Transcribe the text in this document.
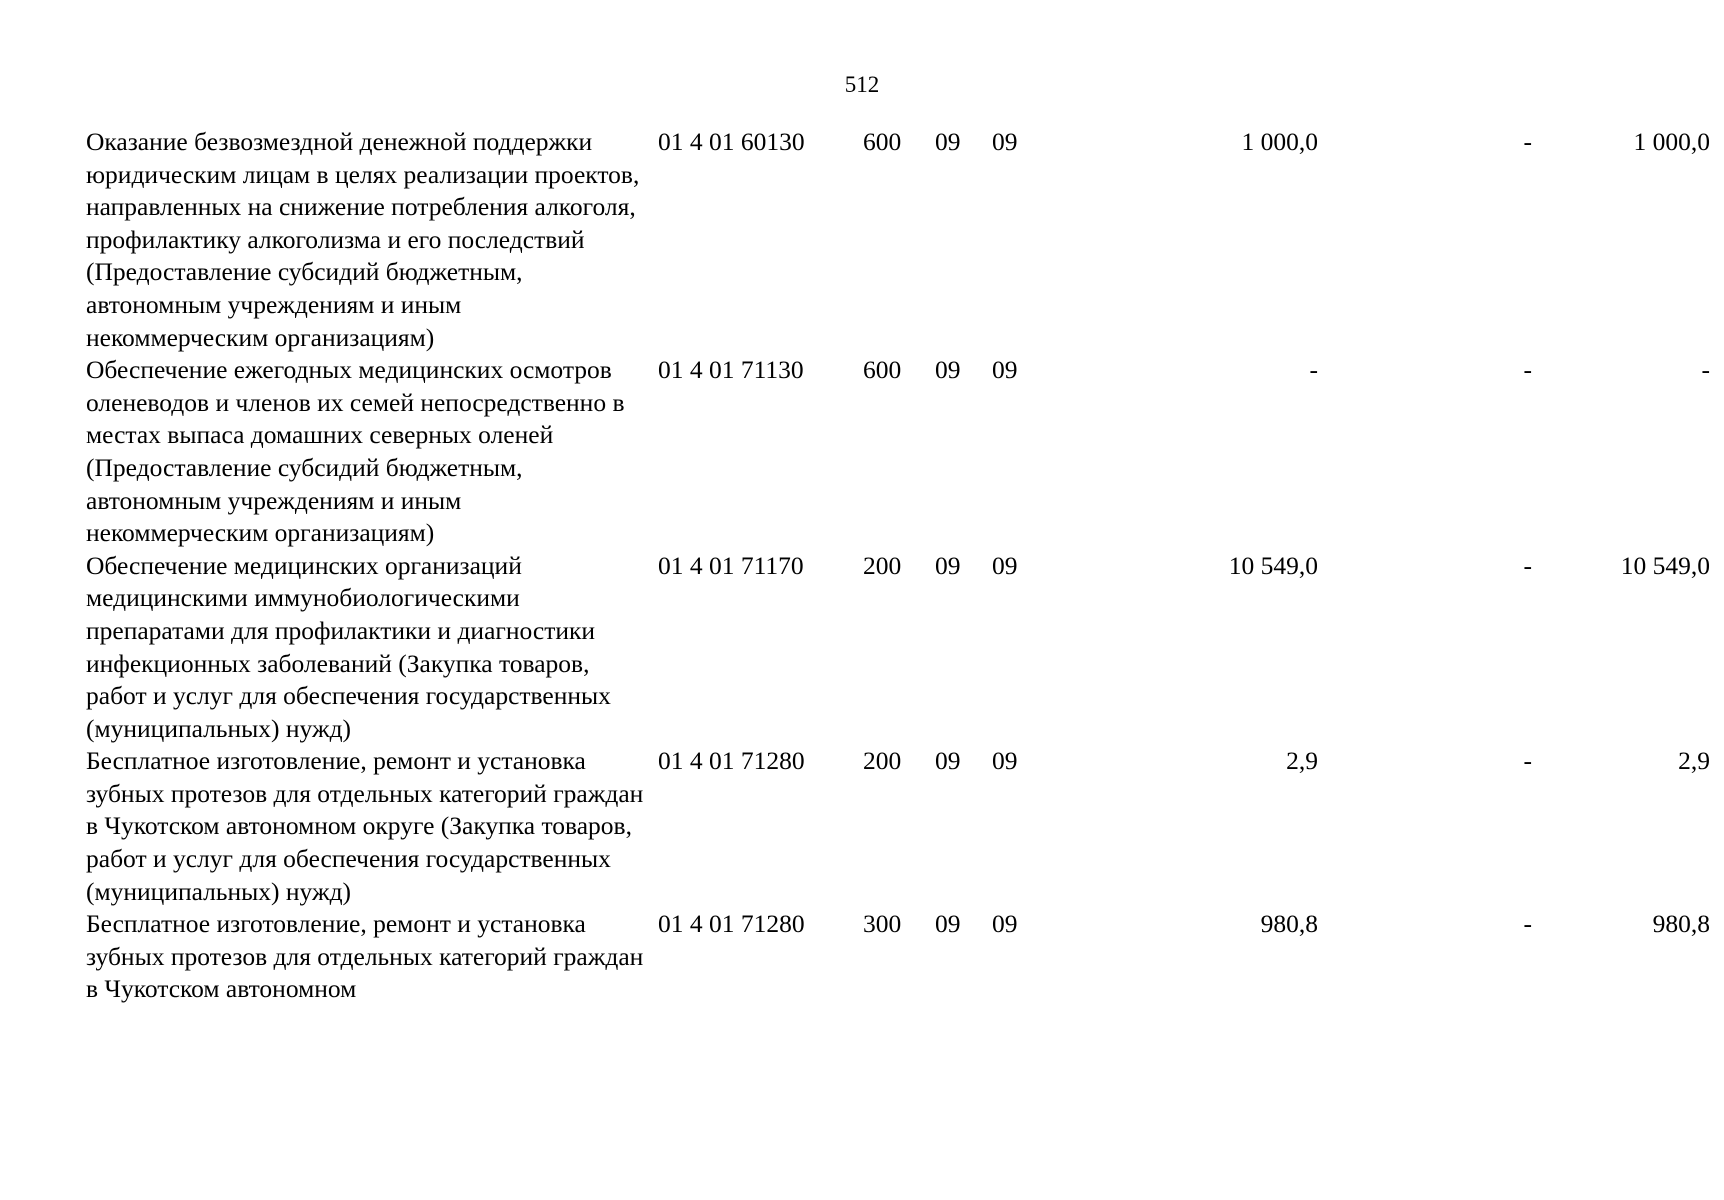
512
Оказание безвозмездной денежной поддержки юридическим лицам в целях реализации проектов, направленных на снижение потребления алкоголя, профилактику алкоголизма и его последствий (Предоставление субсидий бюджетным, автономным учреждениям и иным некоммерческим организациям)
01 4 01 60130 600 09 09	1 000,0	-	1 000,0
Обеспечение ежегодных медицинских осмотров оленеводов и членов их семей непосредственно в местах выпаса домашних северных оленей (Предоставление субсидий бюджетным, автономным учреждениям и иным некоммерческим организациям)
01 4 01 71130 600 09 09	-	-	-
Обеспечение медицинских организаций медицинскими иммунобиологическими препаратами для профилактики и диагностики инфекционных заболеваний (Закупка товаров, работ и услуг для обеспечения государственных (муниципальных) нужд)
01 4 01 71170 200 09 09	10 549,0	-	10 549,0
Бесплатное изготовление, ремонт и установка зубных протезов для отдельных категорий граждан в Чукотском автономном округе (Закупка товаров, работ и услуг для обеспечения государственных (муниципальных) нужд)
01 4 01 71280 200 09 09	2,9	-	2,9
Бесплатное изготовление, ремонт и установка зубных протезов для отдельных категорий граждан в Чукотском автономном
01 4 01 71280 300 09 09	980,8	-	980,8
